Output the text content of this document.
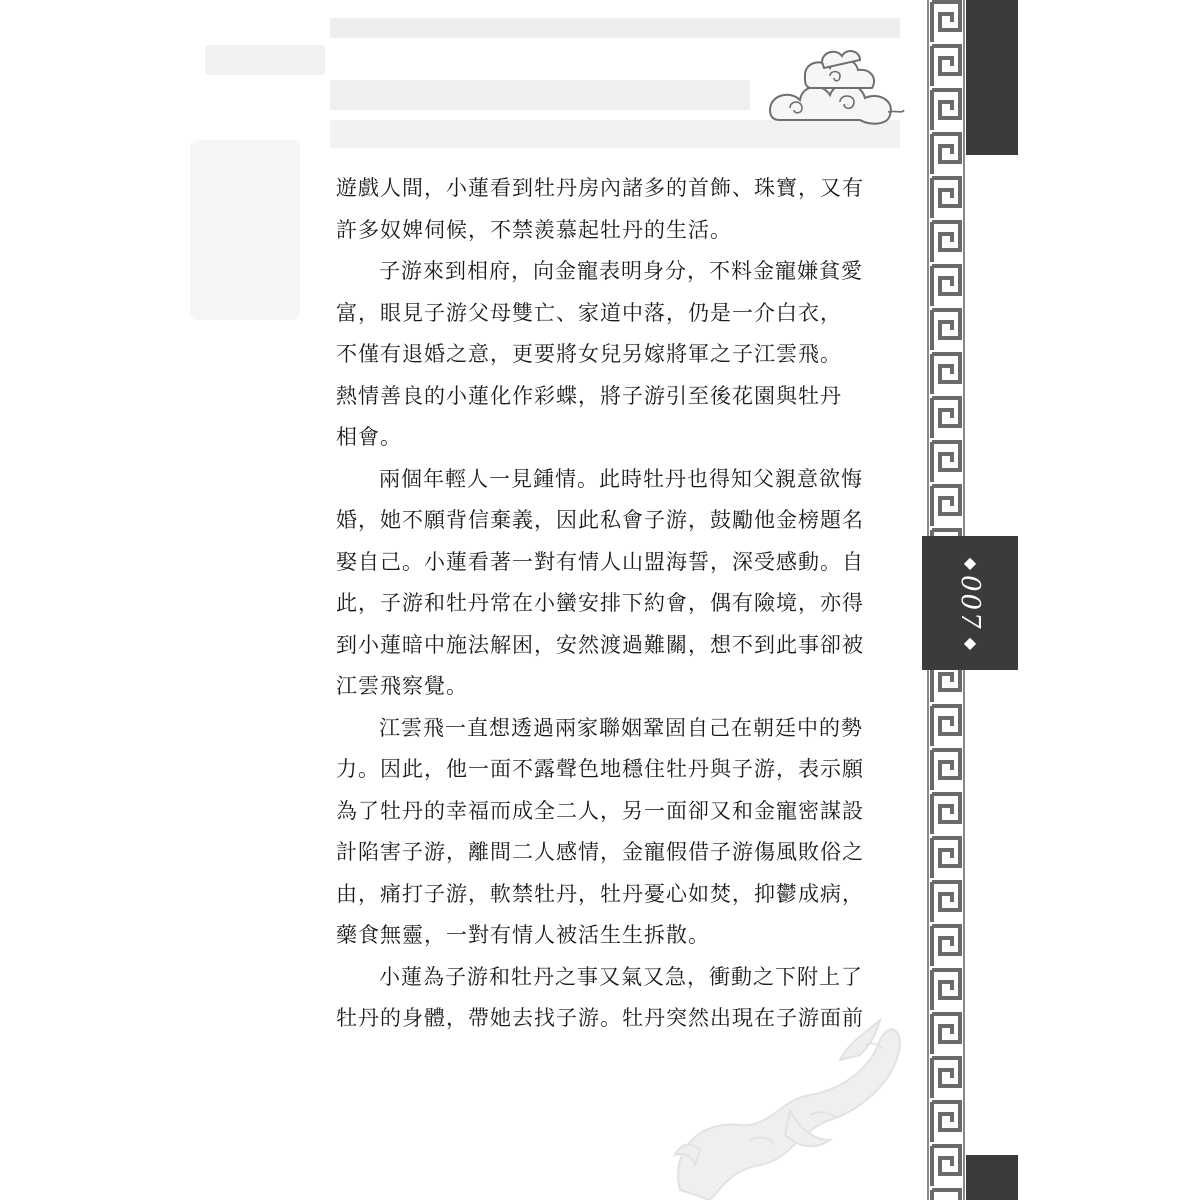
遊戲人間，小蓮看到牡丹房內諸多的首飾、珠寶，又有
許多奴婢伺候，不禁羨慕起牡丹的生活。
子游來到相府，向金寵表明身分，不料金寵嫌貧愛
富，眼見子游父母雙亡、家道中落，仍是一介白衣，
不僅有退婚之意，更要將女兒另嫁將軍之子江雲飛。
熱情善良的小蓮化作彩蝶，將子游引至後花園與牡丹
相會。
兩個年輕人一見鍾情。此時牡丹也得知父親意欲悔
婚，她不願背信棄義，因此私會子游，鼓勵他金榜題名
娶自己。小蓮看著一對有情人山盟海誓，深受感動。自
此，子游和牡丹常在小蠻安排下約會，偶有險境，亦得
到小蓮暗中施法解困，安然渡過難關，想不到此事卻被
江雲飛察覺。
江雲飛一直想透過兩家聯姻鞏固自己在朝廷中的勢
力。因此，他一面不露聲色地穩住牡丹與子游，表示願
為了牡丹的幸福而成全二人，另一面卻又和金寵密謀設
計陷害子游，離間二人感情，金寵假借子游傷風敗俗之
由，痛打子游，軟禁牡丹，牡丹憂心如焚，抑鬱成病，
藥食無靈，一對有情人被活生生拆散。
小蓮為子游和牡丹之事又氣又急，衝動之下附上了
牡丹的身體，帶她去找子游。牡丹突然出現在子游面前
◆
007
◆
